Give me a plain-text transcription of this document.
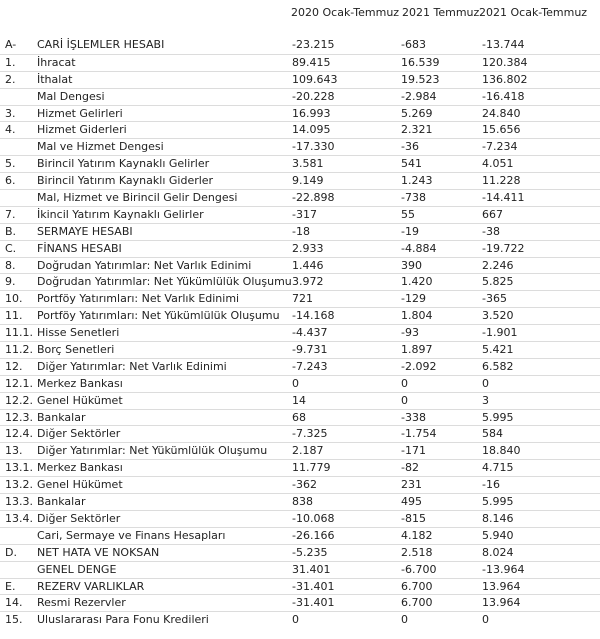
2020 Ocak-Temmuz 2021 Temmuz 2021 Ocak-Temmuz
A- CARİ İŞLEMLER HESABI	-23.215	-683	-13.744
1. İhracat	89.415	16.539	120.384
2. İthalat	109.643	19.523	136.802
Mal Dengesi	-20.228	-2.984	-16.418
3. Hizmet Gelirleri	16.993	5.269	24.840
4. Hizmet Giderleri	14.095	2.321	15.656
Mal ve Hizmet Dengesi	-17.330	-36	-7.234
5. Birincil Yatırım Kaynaklı Gelirler	3.581	541	4.051
6. Birincil Yatırım Kaynaklı Giderler	9.149	1.243	11.228
Mal, Hizmet ve Birincil Gelir Dengesi	-22.898	-738	-14.411
7. İkincil Yatırım Kaynaklı Gelirler	-317	55	667
B. SERMAYE HESABI	-18	-19	-38
C. FİNANS HESABI	2.933	-4.884	-19.722
8. Doğrudan Yatırımlar: Net Varlık Edinimi	1.446	390	2.246
9. Doğrudan Yatırımlar: Net Yükümlülük Oluşumu 3.972	1.420	5.825
10. Portföy Yatırımları: Net Varlık Edinimi	721	-129	-365
11. Portföy Yatırımları: Net Yükümlülük Oluşumu -14.168	1.804	3.520
11.1. Hisse Senetleri	-4.437	-93	-1.901
11.2. Borç Senetleri	-9.731	1.897	5.421
12. Diğer Yatırımlar: Net Varlık Edinimi	-7.243	-2.092	6.582
12.1. Merkez Bankası	0	0	0
12.2. Genel Hükümet	14	0	3
12.3. Bankalar	68	-338	5.995
12.4. Diğer Sektörler	-7.325	-1.754	584
13. Diğer Yatırımlar: Net Yükümlülük Oluşumu 2.187	-171	18.840
13.1. Merkez Bankası	11.779	-82	4.715
13.2. Genel Hükümet	-362	231	-16
13.3. Bankalar	838	495	5.995
13.4. Diğer Sektörler	-10.068	-815	8.146
Cari, Sermaye ve Finans Hesapları	-26.166	4.182	5.940
D. NET HATA VE NOKSAN	-5.235	2.518	8.024
GENEL DENGE	31.401	-6.700	-13.964
E. REZERV VARLIKLAR	-31.401	6.700	13.964
14. Resmi Rezervler	-31.401	6.700	13.964
15. Uluslararası Para Fonu Kredileri	0	0	0
